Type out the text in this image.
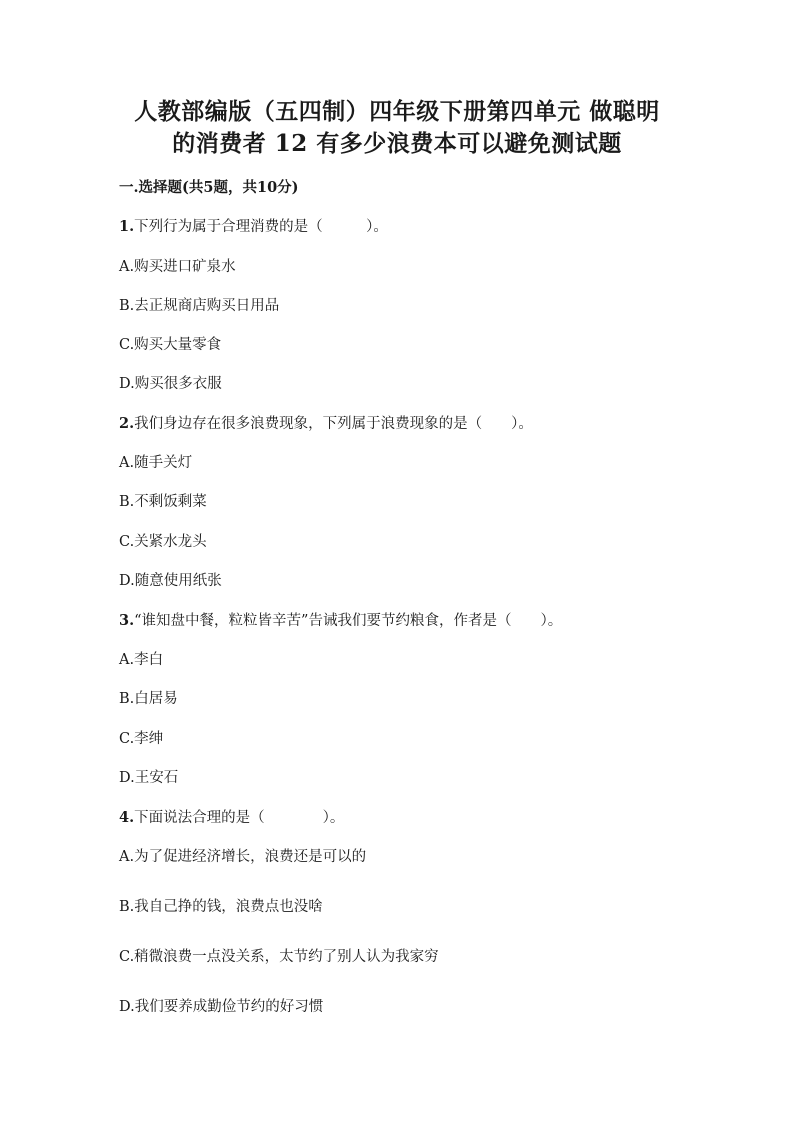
人教部编版（五四制）四年级下册第四单元 做聪明
的消费者 12 有多少浪费本可以避免测试题
一.选择题(共5题，共10分)
1.下列行为属于合理消费的是（　　　）。
A.购买进口矿泉水
B.去正规商店购买日用品
C.购买大量零食
D.购买很多衣服
2.我们身边存在很多浪费现象，下列属于浪费现象的是（　　）。
A.随手关灯
B.不剩饭剩菜
C.关紧水龙头
D.随意使用纸张
3.“谁知盘中餐，粒粒皆辛苦”告诫我们要节约粮食，作者是（　　）。
A.李白
B.白居易
C.李绅
D.王安石
4.下面说法合理的是（　　　　）。
A.为了促进经济增长，浪费还是可以的
B.我自己挣的钱，浪费点也没啥
C.稍微浪费一点没关系，太节约了别人认为我家穷
D.我们要养成勤俭节约的好习惯
